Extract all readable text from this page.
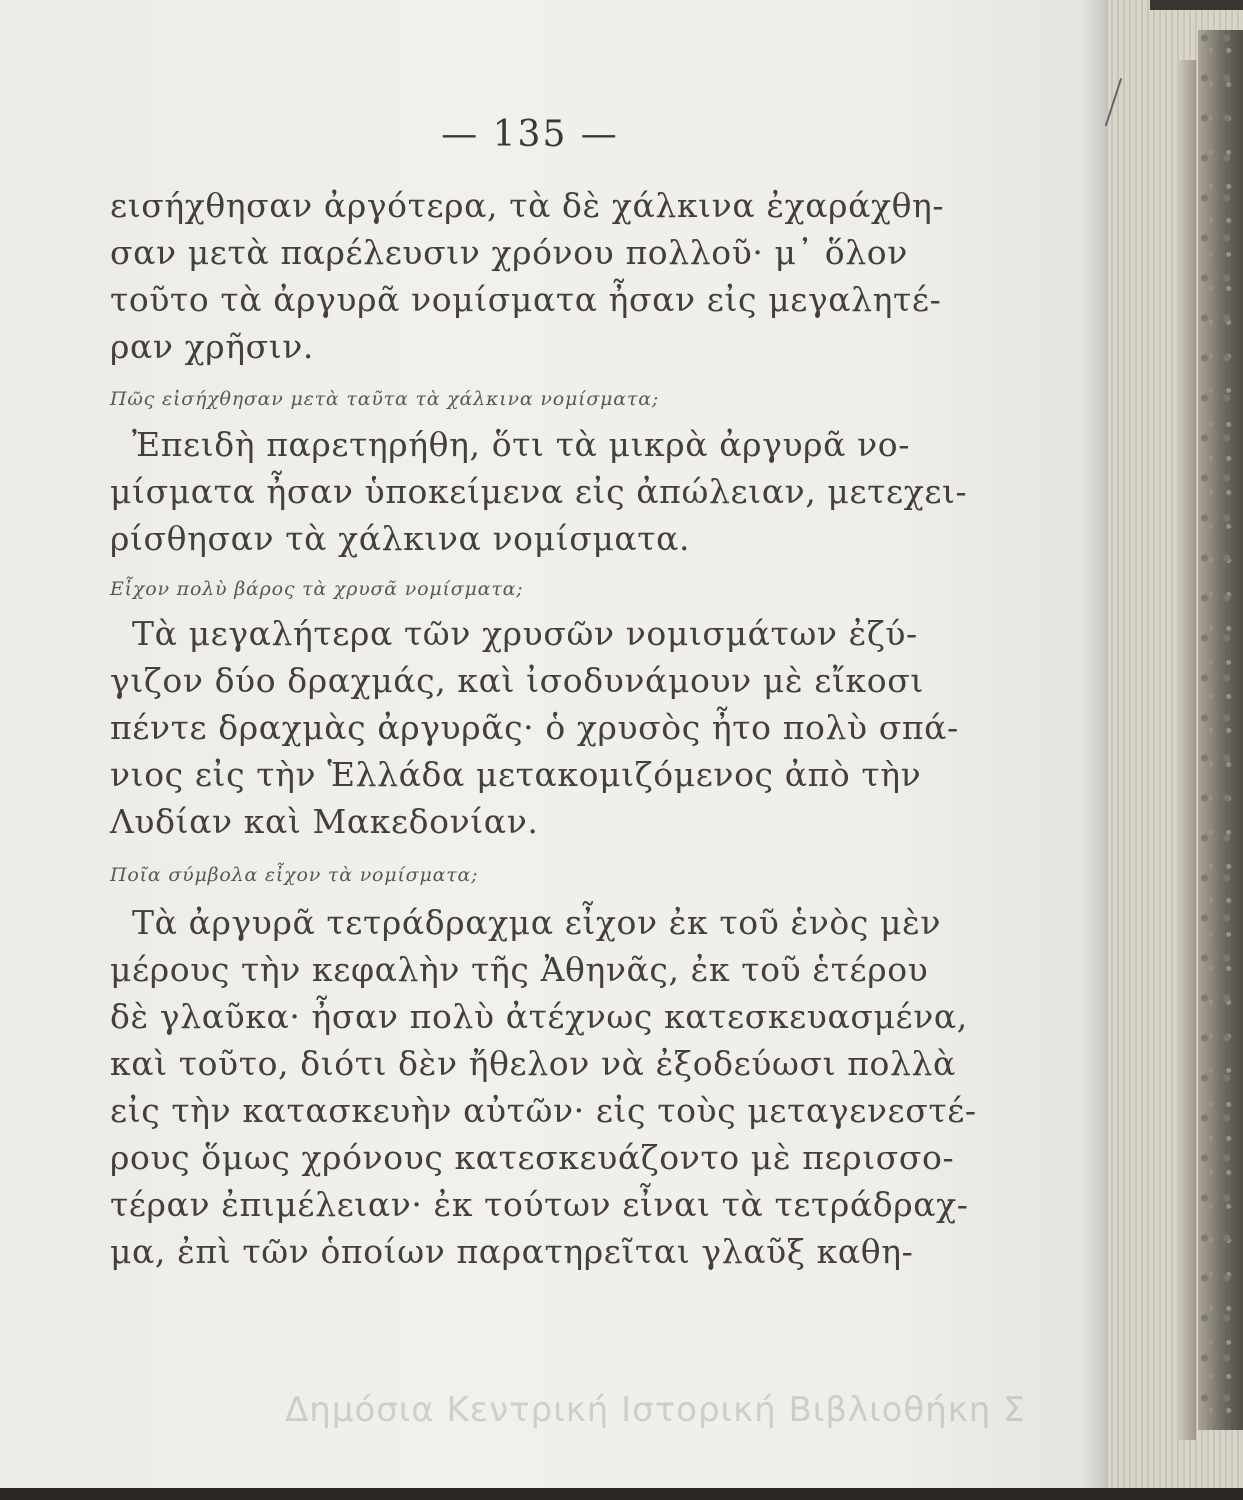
— 135 —
εισήχθησαν ἀργότερα, τὰ δὲ χάλκινα ἐχαράχθη-
σαν μετὰ παρέλευσιν χρόνου πολλοῦ· μ᾽ ὅλον
τοῦτο τὰ ἀργυρᾶ νομίσματα ἦσαν εἰς μεγαλητέ-
ραν χρῆσιν.
Πῶς εἰσήχθησαν μετὰ ταῦτα τὰ χάλκινα νομίσματα;
Ἐπειδὴ παρετηρήθη, ὅτι τὰ μικρὰ ἀργυρᾶ νο-
μίσματα ἦσαν ὑποκείμενα εἰς ἀπώλειαν, μετεχει-
ρίσθησαν τὰ χάλκινα νομίσματα.
Εἶχον πολὺ βάρος τὰ χρυσᾶ νομίσματα;
Τὰ μεγαλήτερα τῶν χρυσῶν νομισμάτων ἐζύ-
γιζον δύο δραχμάς, καὶ ἰσοδυνάμουν μὲ εἴκοσι
πέντε δραχμὰς ἀργυρᾶς· ὁ χρυσὸς ἦτο πολὺ σπά-
νιος εἰς τὴν Ἑλλάδα μετακομιζόμενος ἀπὸ τὴν
Λυδίαν καὶ Μακεδονίαν.
Ποῖα σύμβολα εἶχον τὰ νομίσματα;
Τὰ ἀργυρᾶ τετράδραχμα εἶχον ἐκ τοῦ ἑνὸς μὲν
μέρους τὴν κεφαλὴν τῆς Ἀθηνᾶς, ἐκ τοῦ ἑτέρου
δὲ γλαῦκα· ἦσαν πολὺ ἀτέχνως κατεσκευασμένα,
καὶ τοῦτο, διότι δὲν ἤθελον νὰ ἐξοδεύωσι πολλὰ
εἰς τὴν κατασκευὴν αὐτῶν· εἰς τοὺς μεταγενεστέ-
ρους ὅμως χρόνους κατεσκευάζοντο μὲ περισσο-
τέραν ἐπιμέλειαν· ἐκ τούτων εἶναι τὰ τετράδραχ-
μα, ἐπὶ τῶν ὁποίων παρατηρεῖται γλαῦξ καθη-
Δημόσια Κεντρική Ιστορική Βιβλιοθήκη Σ
